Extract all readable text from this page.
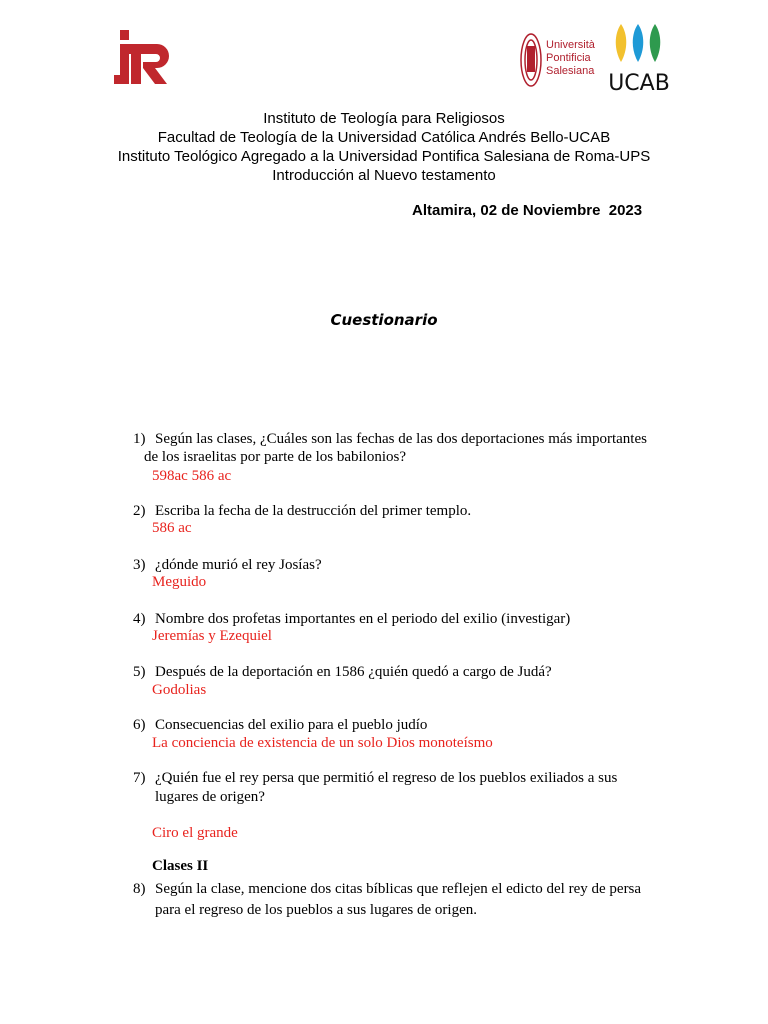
itr
Università
Pontificia
Salesiana UCAB
Instituto de Teología para Religiosos
Facultad de Teología de la Universidad Católica Andrés Bello-UCAB
Instituto Teológico Agregado a la Universidad Pontifica Salesiana de Roma-UPS
Introducción al Nuevo testamento
Altamira, 02 de Noviembre  2023
Cuestionario
1) Según las clases, ¿Cuáles son las fechas de las dos deportaciones más importantes
de los israelitas por parte de los babilonios?
598ac 586 ac
2) Escriba la fecha de la destrucción del primer templo.
586 ac
3) ¿dónde murió el rey Josías?
Meguido
4) Nombre dos profetas importantes en el periodo del exilio (investigar)
Jeremías y Ezequiel
5) Después de la deportación en 1586 ¿quién quedó a cargo de Judá?
Godolias
6) Consecuencias del exilio para el pueblo judío
La conciencia de existencia de un solo Dios monoteísmo
7) ¿Quién fue el rey persa que permitió el regreso de los pueblos exiliados a sus
lugares de origen?
Ciro el grande
Clases II
8) Según la clase, mencione dos citas bíblicas que reflejen el edicto del rey de persa
para el regreso de los pueblos a sus lugares de origen.
